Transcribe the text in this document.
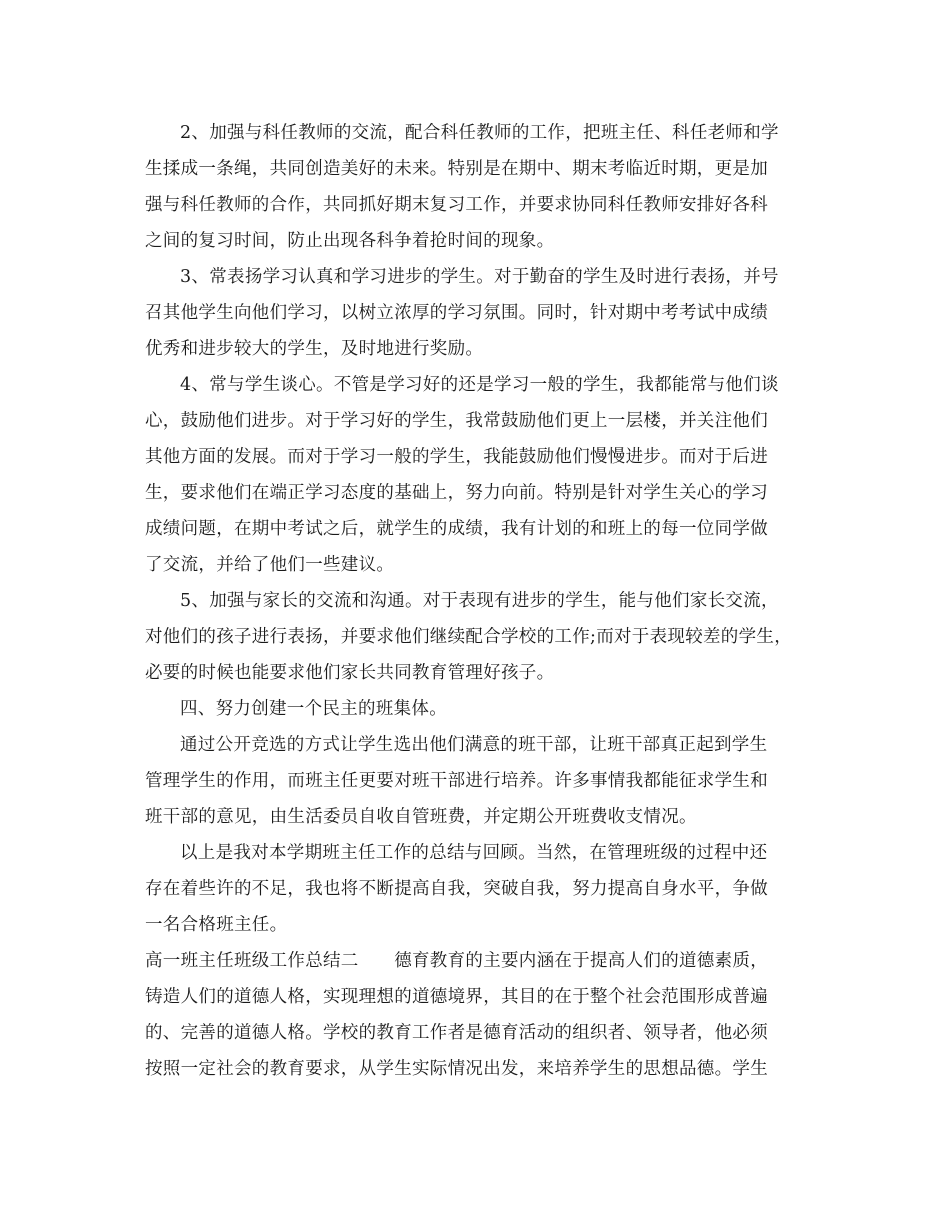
2、加强与科任教师的交流，配合科任教师的工作，把班主任、科任老师和学
生揉成一条绳，共同创造美好的未来。特别是在期中、期末考临近时期，更是加
强与科任教师的合作，共同抓好期末复习工作，并要求协同科任教师安排好各科
之间的复习时间，防止出现各科争着抢时间的现象。
3、常表扬学习认真和学习进步的学生。对于勤奋的学生及时进行表扬，并号
召其他学生向他们学习，以树立浓厚的学习氛围。同时，针对期中考考试中成绩
优秀和进步较大的学生，及时地进行奖励。
4、常与学生谈心。不管是学习好的还是学习一般的学生，我都能常与他们谈
心，鼓励他们进步。对于学习好的学生，我常鼓励他们更上一层楼，并关注他们
其他方面的发展。而对于学习一般的学生，我能鼓励他们慢慢进步。而对于后进
生，要求他们在端正学习态度的基础上，努力向前。特别是针对学生关心的学习
成绩问题，在期中考试之后，就学生的成绩，我有计划的和班上的每一位同学做
了交流，并给了他们一些建议。
5、加强与家长的交流和沟通。对于表现有进步的学生，能与他们家长交流，
对他们的孩子进行表扬，并要求他们继续配合学校的工作;而对于表现较差的学生，
必要的时候也能要求他们家长共同教育管理好孩子。
四、努力创建一个民主的班集体。
通过公开竞选的方式让学生选出他们满意的班干部，让班干部真正起到学生
管理学生的作用，而班主任更要对班干部进行培养。许多事情我都能征求学生和
班干部的意见，由生活委员自收自管班费，并定期公开班费收支情况。
以上是我对本学期班主任工作的总结与回顾。当然，在管理班级的过程中还
存在着些许的不足，我也将不断提高自我，突破自我，努力提高自身水平，争做
一名合格班主任。
高一班主任班级工作总结二　　德育教育的主要内涵在于提高人们的道德素质，
铸造人们的道德人格，实现理想的道德境界，其目的在于整个社会范围形成普遍
的、完善的道德人格。学校的教育工作者是德育活动的组织者、领导者，他必须
按照一定社会的教育要求，从学生实际情况出发，来培养学生的思想品德。学生
